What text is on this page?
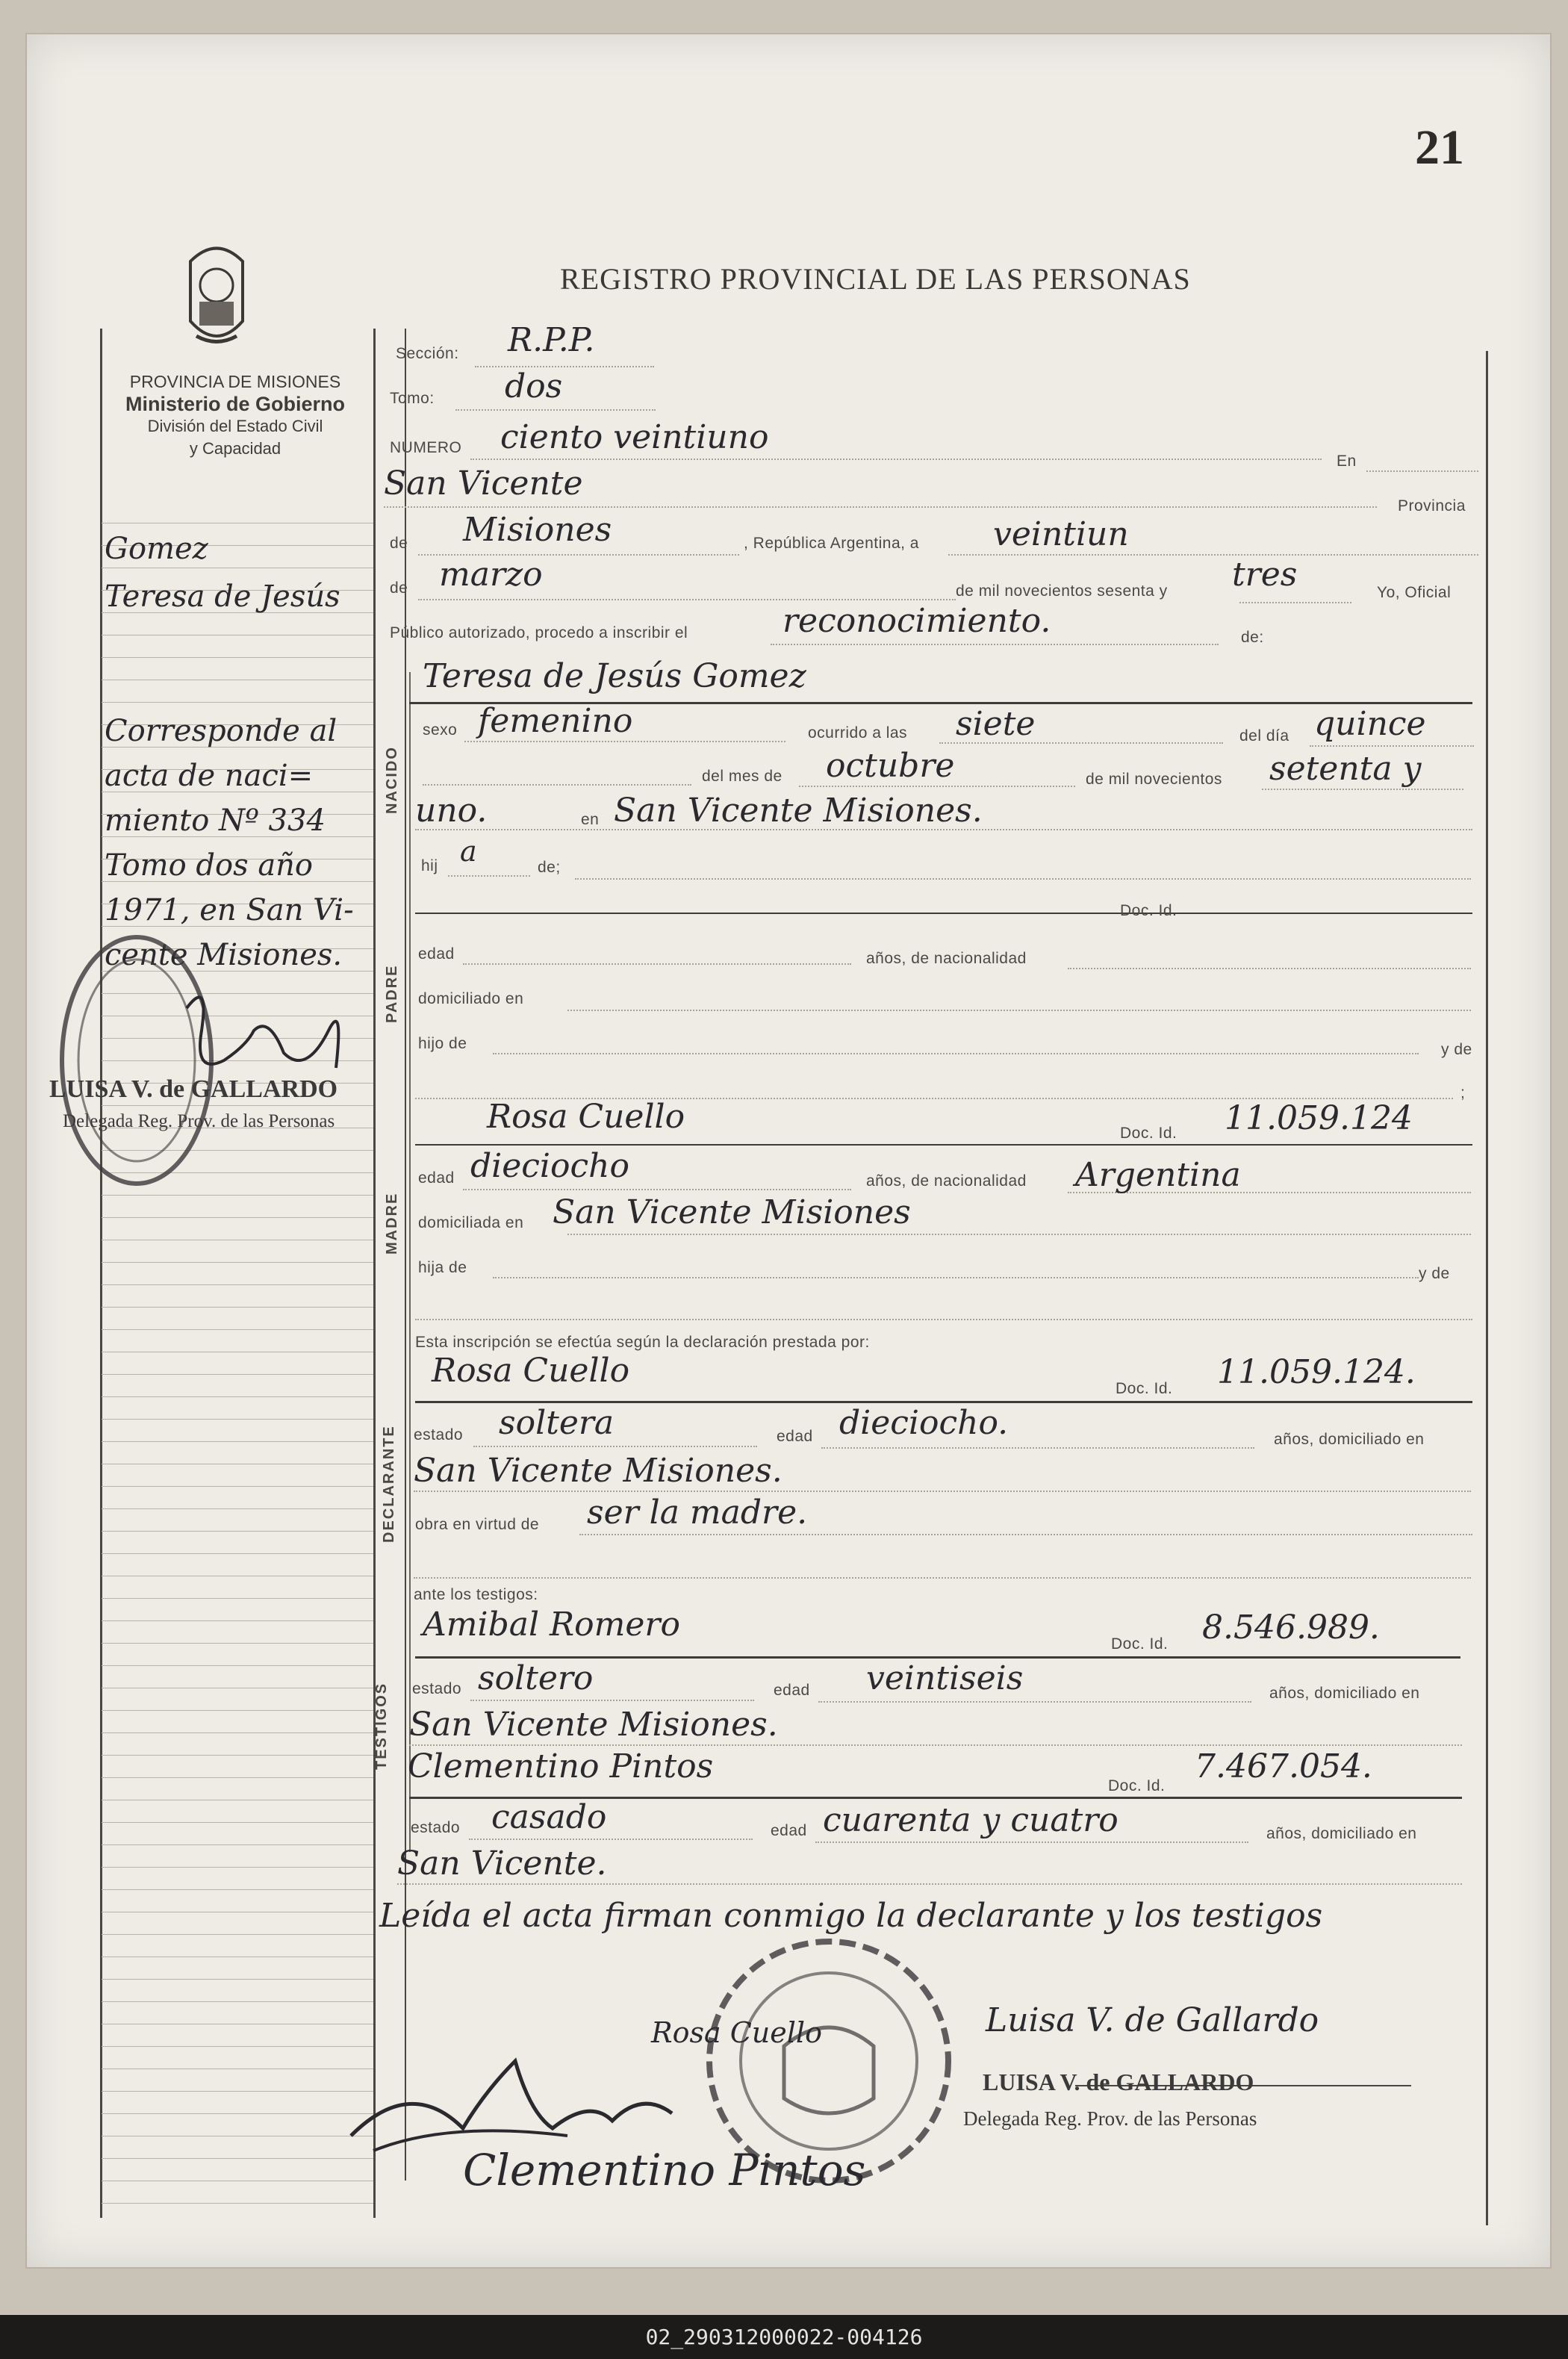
21
REGISTRO PROVINCIAL DE LAS PERSONAS
PROVINCIA DE MISIONES
Ministerio de Gobierno
División del Estado Civil
y Capacidad
Gomez
Teresa de Jesús
Corresponde al
acta de naci=
miento Nº 334
Tomo dos año
1971, en San Vi-
cente Misiones.
LUISA V. de GALLARDO
Delegada Reg. Prov. de las Personas
Sección: R.P.P.
Tomo: dos
NUMERO ciento veintiuno
En
San Vicente
Provincia
de Misiones	, República Argentina, a veintiun
de marzo	de mil novecientos sesenta y tres	Yo, Oficial
Público autorizado, procedo a inscribir el	reconocimiento.	de:
Teresa de Jesús Gomez
NACIDO
sexo femenino	ocurrido a las siete	del día quince
del mes de octubre	de mil novecientos setenta y
uno.	en San Vicente Misiones.
hij a	de;
Doc. Id.
PADRE
edad	años, de nacionalidad
domiciliado en
hijo de	y de
;
Rosa Cuello	Doc. Id. 11.059.124
MADRE
edad dieciocho	años, de nacionalidad Argentina
domiciliada en San Vicente Misiones
hija de	y de
Esta inscripción se efectúa según la declaración prestada por:
Rosa Cuello	Doc. Id. 11.059.124.
DECLARANTE estado soltera	edad dieciocho.	años, domiciliado en
San Vicente Misiones.
obra en virtud de ser la madre.
ante los testigos:
Amibal Romero
Doc. Id. 8.546.989.
TESTIGOS estado soltero	edad veintiseis	años, domiciliado en
San Vicente Misiones.
Clementino Pintos
Doc. Id.
7.467.054.
estado casado	edad cuarenta y cuatro	años, domiciliado en
San Vicente.
Leída el acta firman conmigo la declarante y los testigos
Rosa Cuello	Luisa V. de Gallardo
LUISA V. de GALLARDO
Delegada Reg. Prov. de las Personas
Clementino Pintos
02_290312000022-004126
